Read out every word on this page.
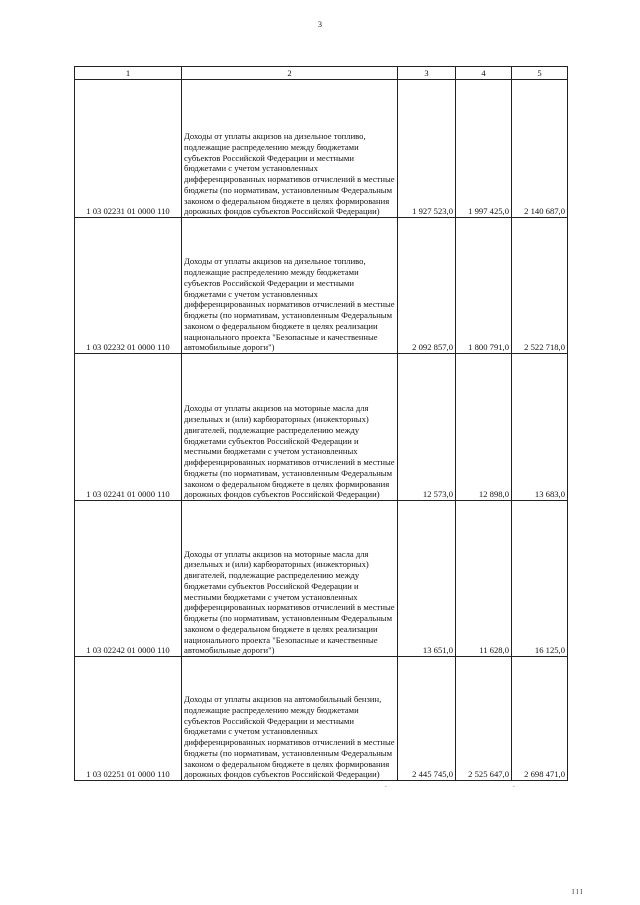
3
1	2	3	4	5
1 03 02231 01 0000 110	Доходы от уплаты акцизов на дизельное топливо, подлежащие распределению между бюджетами субъектов Российской Федерации и местными бюджетами с учетом установленных дифференцированных нормативов отчислений в местные бюджеты (по нормативам, установленным Федеральным законом о федеральном бюджете в целях формирования дорожных фондов субъектов Российской Федерации)	1 927 523,0	1 997 425,0	2 140 687,0
1 03 02232 01 0000 110	Доходы от уплаты акцизов на дизельное топливо, подлежащие распределению между бюджетами субъектов Российской Федерации и местными бюджетами с учетом установленных дифференцированных нормативов отчислений в местные бюджеты (по нормативам, установленным Федеральным законом о федеральном бюджете в целях реализации национального проекта "Безопасные и качественные автомобильные дороги")	2 092 857,0	1 800 791,0	2 522 718,0
1 03 02241 01 0000 110	Доходы от уплаты акцизов на моторные масла для дизельных и (или) карбюраторных (инжекторных) двигателей, подлежащие распределению между бюджетами субъектов Российской Федерации и местными бюджетами с учетом установленных дифференцированных нормативов отчислений в местные бюджеты (по нормативам, установленным Федеральным законом о федеральном бюджете в целях формирования дорожных фондов субъектов Российской Федерации)	12 573,0	12 898,0	13 683,0
1 03 02242 01 0000 110	Доходы от уплаты акцизов на моторные масла для дизельных и (или) карбюраторных (инжекторных) двигателей, подлежащие распределению между бюджетами субъектов Российской Федерации и местными бюджетами с учетом установленных дифференцированных нормативов отчислений в местные бюджеты (по нормативам, установленным Федеральным законом о федеральном бюджете в целях реализации национального проекта "Безопасные и качественные автомобильные дороги")	13 651,0	11 628,0	16 125,0
1 03 02251 01 0000 110	Доходы от уплаты акцизов на автомобильный бензин, подлежащие распределению между бюджетами субъектов Российской Федерации и местными бюджетами с учетом установленных дифференцированных нормативов отчислений в местные бюджеты (по нормативам, установленным Федеральным законом о федеральном бюджете в целях формирования дорожных фондов субъектов Российской Федерации)	2 445 745,0	2 525 647,0	2 698 471,0
.	.
I I I
